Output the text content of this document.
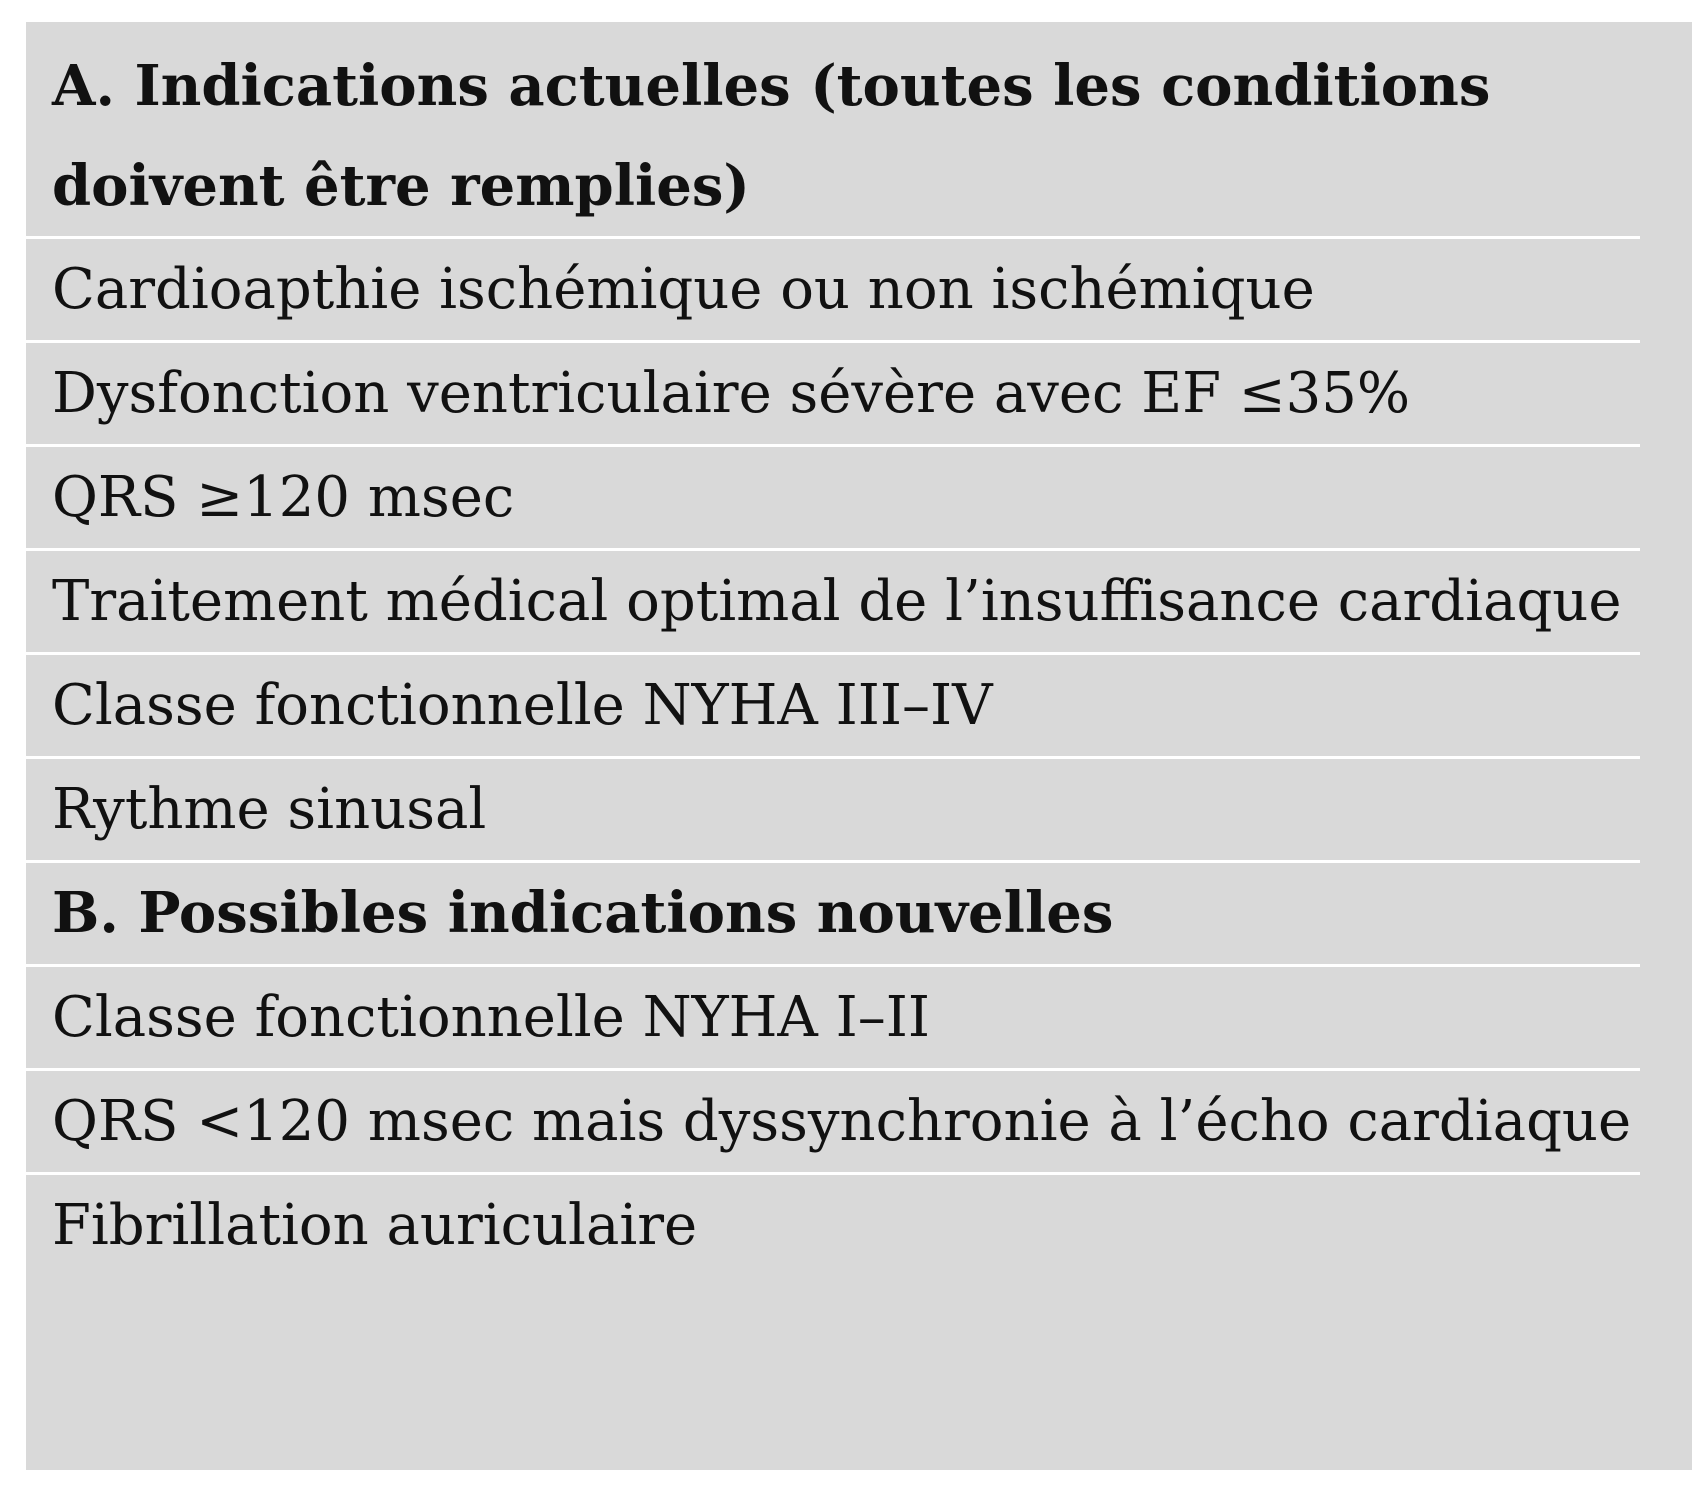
A. Indications actuelles (toutes les conditions doivent être remplies)
Cardioapthie ischémique ou non ischémique
Dysfonction ventriculaire sévère avec EF ≤35%
QRS ≥120 msec
Traitement médical optimal de l’insuffisance cardiaque
Classe fonctionnelle NYHA III–IV
Rythme sinusal
B. Possibles indications nouvelles
Classe fonctionnelle NYHA I–II
QRS <120 msec mais dyssynchronie à l’écho cardiaque
Fibrillation auriculaire
